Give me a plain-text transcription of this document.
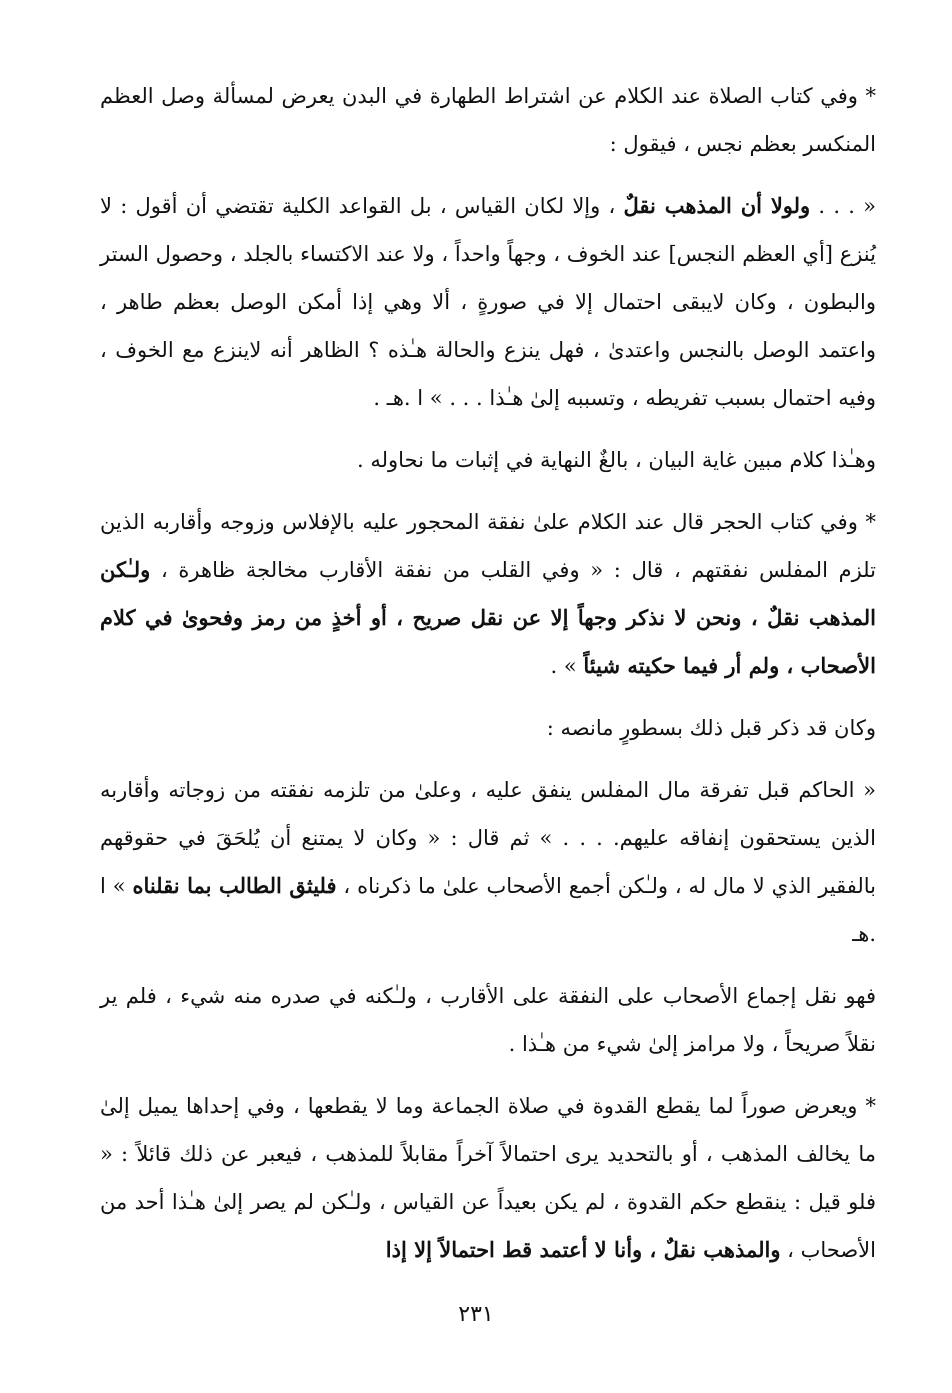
* وفي كتاب الصلاة عند الكلام عن اشتراط الطهارة في البدن يعرض لمسألة وصل العظم المنكسر بعظم نجس ، فيقول :

« . . . ولولا أن المذهب نقلٌ ، وإلا لكان القياس ، بل القواعد الكلية تقتضي أن أقول : لا يُنزع [أي العظم النجس] عند الخوف ، وجهاً واحداً ، ولا عند الاكتساء بالجلد ، وحصول الستر والبطون ، وكان لايبقى احتمال إلا في صورةٍ ، ألا وهي إذا أمكن الوصل بعظم طاهر ، واعتمد الوصل بالنجس واعتدىٰ ، فهل ينزع والحالة هـٰذه ؟ الظاهر أنه لاينزع مع الخوف ، وفيه احتمال بسبب تفريطه ، وتسببه إلىٰ هـٰذا . . . » ا .هـ .

وهـٰذا كلام مبين غاية البيان ، بالغٌ النهاية في إثبات ما نحاوله .

* وفي كتاب الحجر قال عند الكلام علىٰ نفقة المحجور عليه بالإفلاس وزوجه وأقاربه الذين تلزم المفلس نفقتهم ، قال : « وفي القلب من نفقة الأقارب مخالجة ظاهرة ، ولـٰكن المذهب نقلٌ ، ونحن لا نذكر وجهاً إلا عن نقل صريح ، أو أخذٍ من رمز وفحوىٰ في كلام الأصحاب ، ولم أر فيما حكيته شيئاً » .

وكان قد ذكر قبل ذلك بسطورٍ مانصه :

« الحاكم قبل تفرقة مال المفلس ينفق عليه ، وعلىٰ من تلزمه نفقته من زوجاته وأقاربه الذين يستحقون إنفاقه عليهم. . . . » ثم قال : « وكان لا يمتنع أن يُلحَقَ في حقوقهم بالفقير الذي لا مال له ، ولـٰكن أجمع الأصحاب علىٰ ما ذكرناه ، فليثق الطالب بما نقلناه » ا .هـ

فهو نقل إجماع الأصحاب على النفقة على الأقارب ، ولـٰكنه في صدره منه شيء ، فلم ير نقلاً صريحاً ، ولا مرامز إلىٰ شيء من هـٰذا .

* ويعرض صوراً لما يقطع القدوة في صلاة الجماعة وما لا يقطعها ، وفي إحداها يميل إلىٰ ما يخالف المذهب ، أو بالتحديد يرى احتمالاً آخراً مقابلاً للمذهب ، فيعبر عن ذلك قائلاً : « فلو قيل : ينقطع حكم القدوة ، لم يكن بعيداً عن القياس ، ولـٰكن لم يصر إلىٰ هـٰذا أحد من الأصحاب ، والمذهب نقلٌ ، وأنا لا أعتمد قط احتمالاً إلا إذا

٢٣١
